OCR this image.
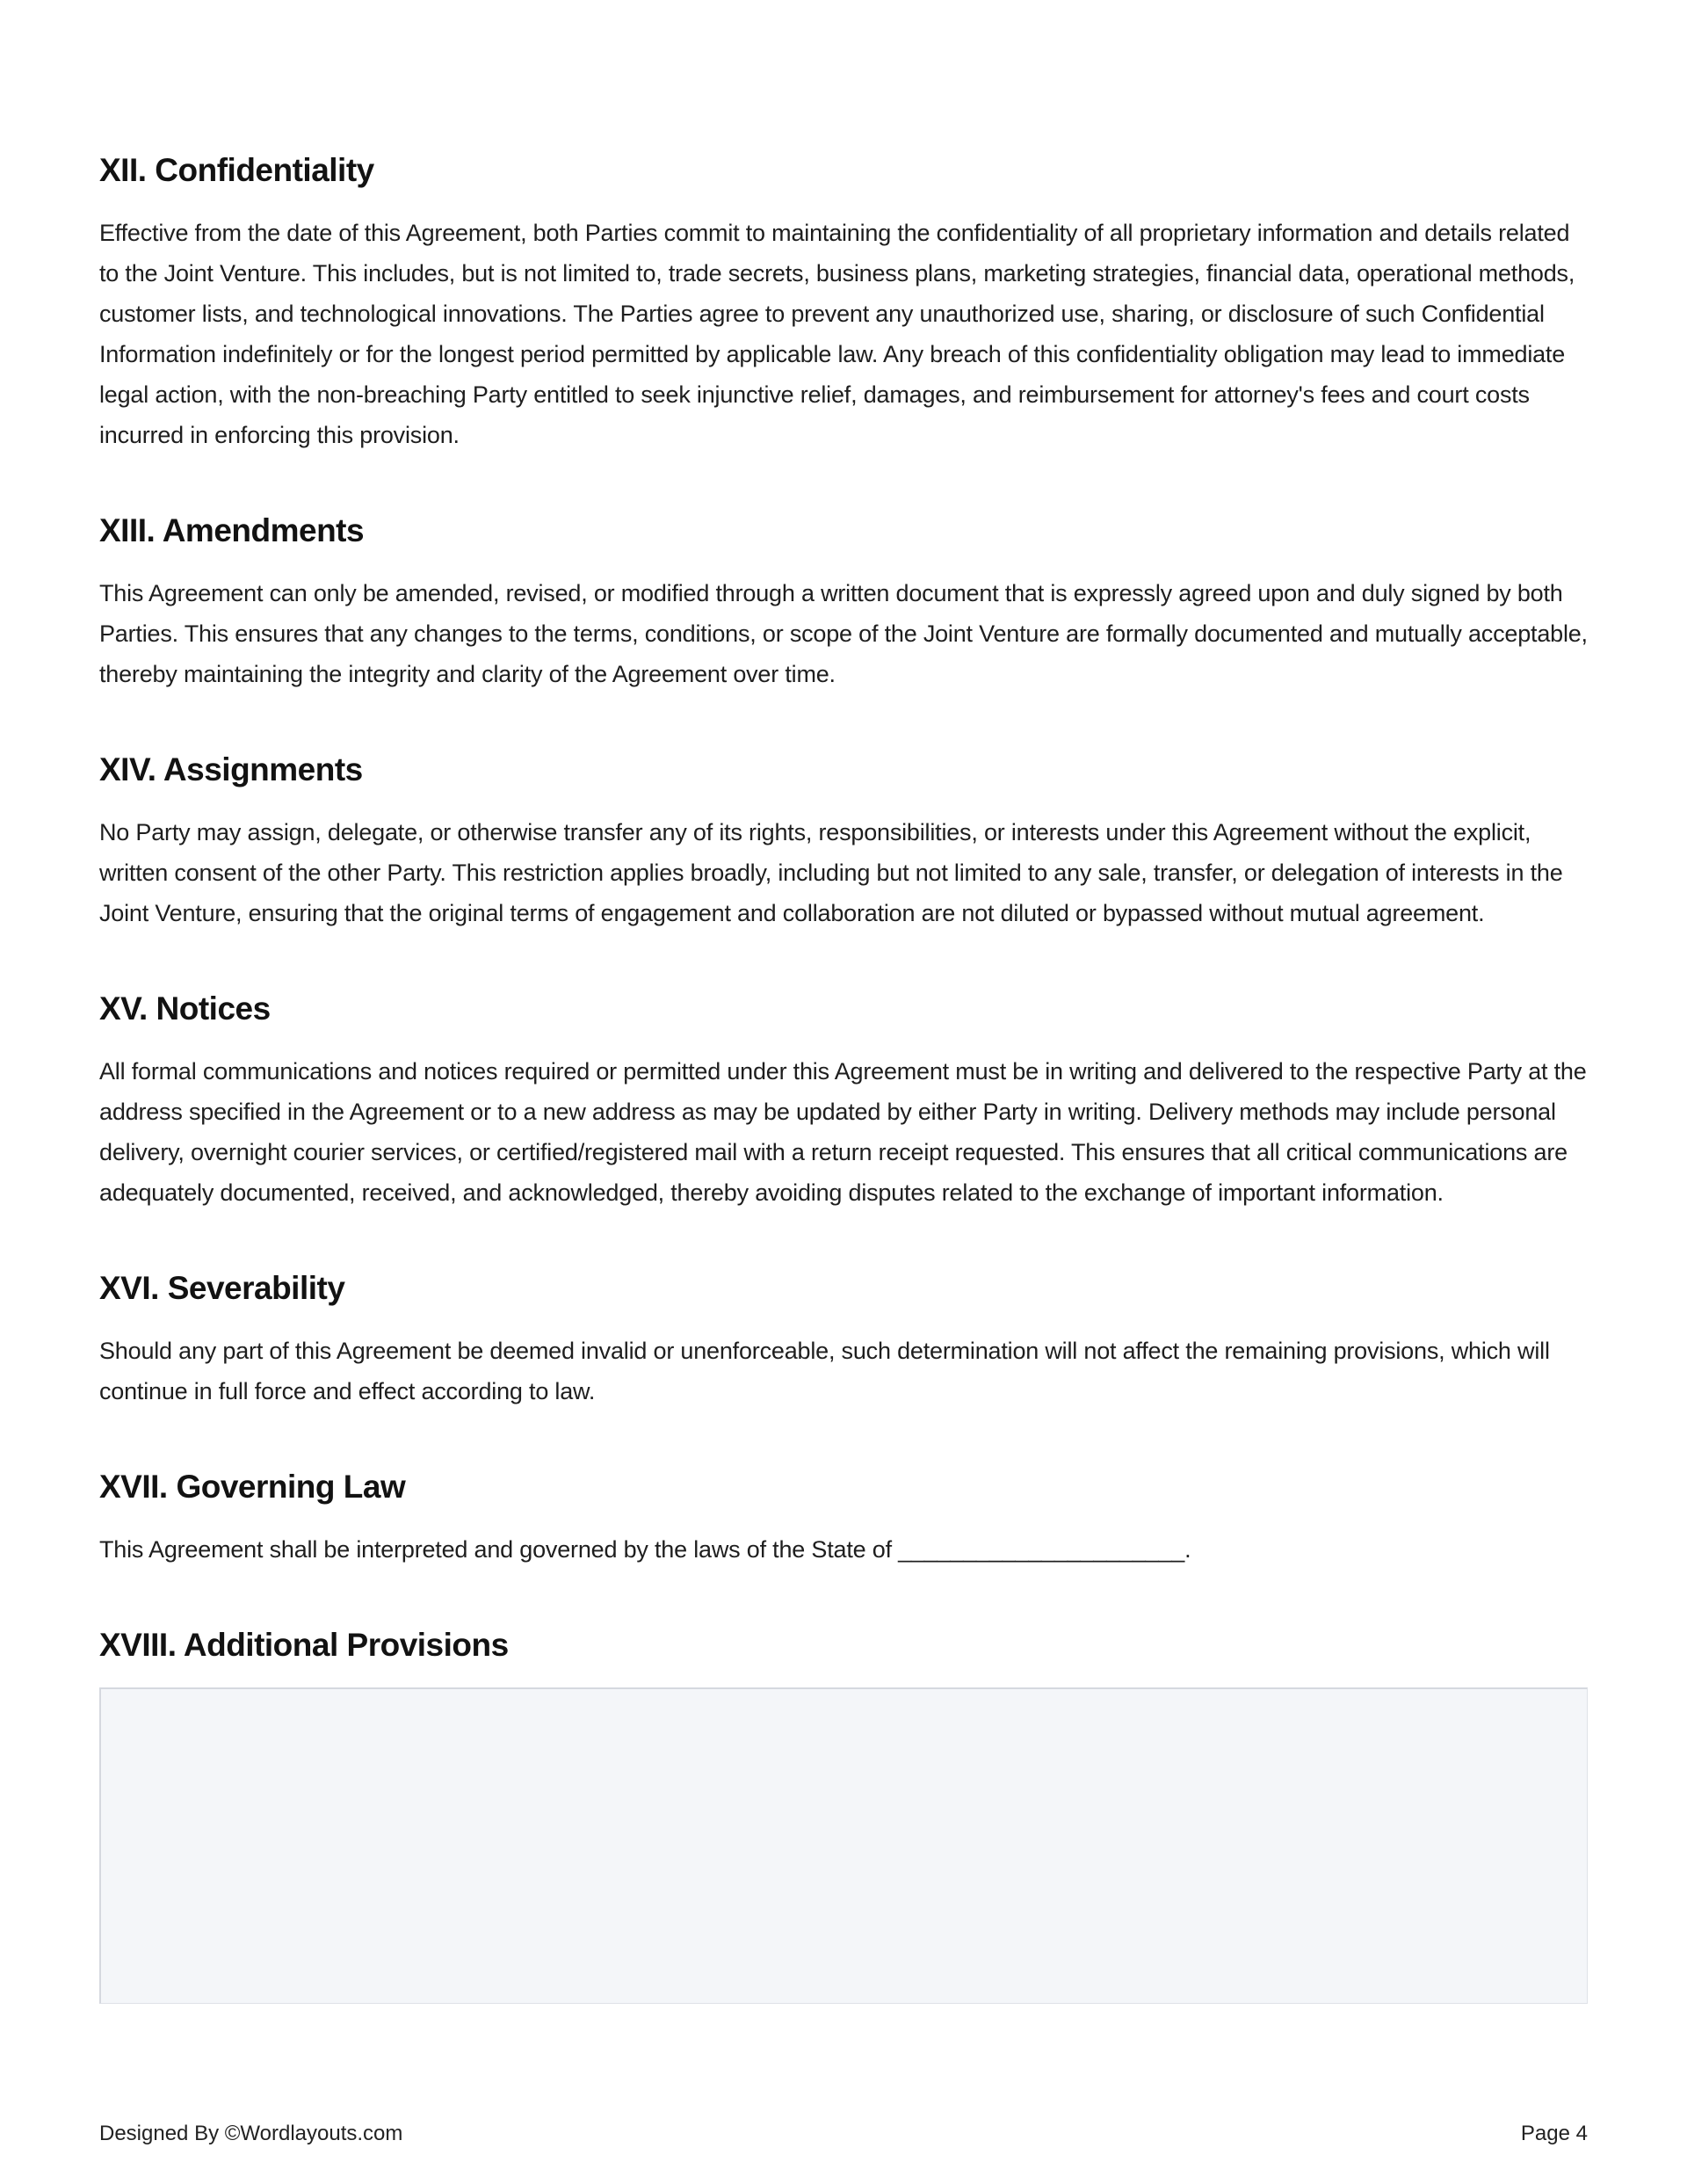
XII. Confidentiality

Effective from the date of this Agreement, both Parties commit to maintaining the confidentiality of all proprietary information and details related to the Joint Venture. This includes, but is not limited to, trade secrets, business plans, marketing strategies, financial data, operational methods, customer lists, and technological innovations. The Parties agree to prevent any unauthorized use, sharing, or disclosure of such Confidential Information indefinitely or for the longest period permitted by applicable law. Any breach of this confidentiality obligation may lead to immediate legal action, with the non-breaching Party entitled to seek injunctive relief, damages, and reimbursement for attorney's fees and court costs incurred in enforcing this provision.

XIII. Amendments

This Agreement can only be amended, revised, or modified through a written document that is expressly agreed upon and duly signed by both Parties. This ensures that any changes to the terms, conditions, or scope of the Joint Venture are formally documented and mutually acceptable, thereby maintaining the integrity and clarity of the Agreement over time.

XIV. Assignments

No Party may assign, delegate, or otherwise transfer any of its rights, responsibilities, or interests under this Agreement without the explicit, written consent of the other Party. This restriction applies broadly, including but not limited to any sale, transfer, or delegation of interests in the Joint Venture, ensuring that the original terms of engagement and collaboration are not diluted or bypassed without mutual agreement.

XV. Notices

All formal communications and notices required or permitted under this Agreement must be in writing and delivered to the respective Party at the address specified in the Agreement or to a new address as may be updated by either Party in writing. Delivery methods may include personal delivery, overnight courier services, or certified/registered mail with a return receipt requested. This ensures that all critical communications are adequately documented, received, and acknowledged, thereby avoiding disputes related to the exchange of important information.

XVI. Severability

Should any part of this Agreement be deemed invalid or unenforceable, such determination will not affect the remaining provisions, which will continue in full force and effect according to law.

XVII. Governing Law

This Agreement shall be interpreted and governed by the laws of the State of ______________________.

XVIII. Additional Provisions
Designed By ©Wordlayouts.com	Page 4
